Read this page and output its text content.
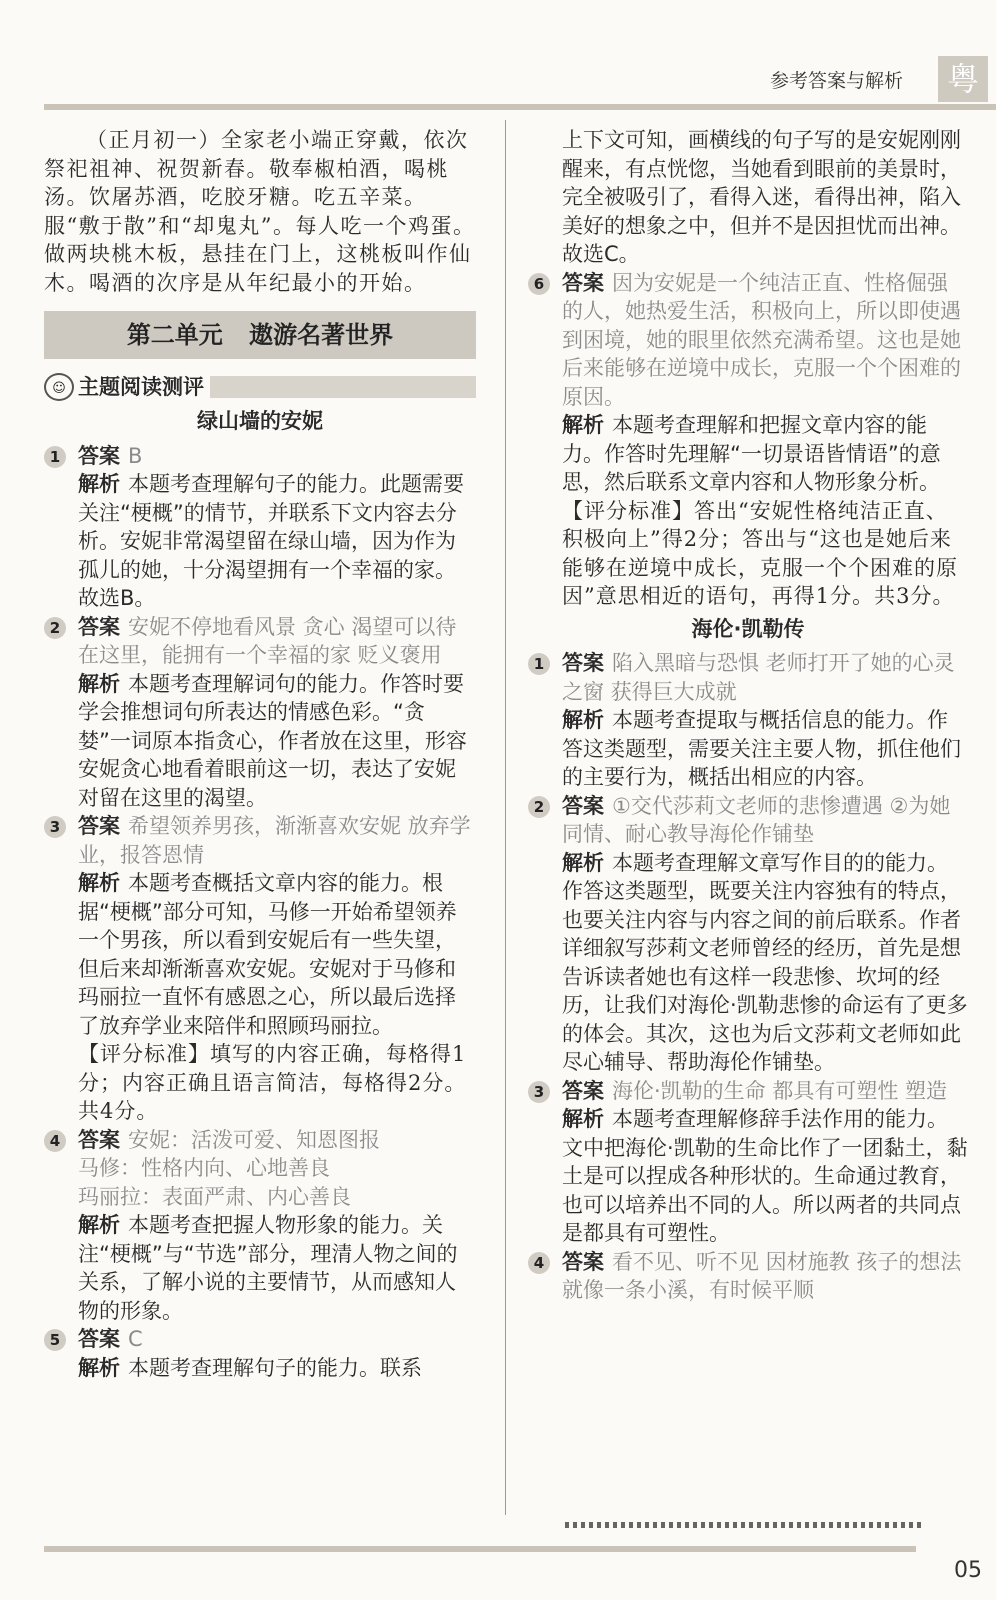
参考答案与解析 粤

（正月初一）全家老小端正穿戴，依次祭祀祖神、祝贺新春。敬奉椒柏酒，喝桃汤。饮屠苏酒，吃胶牙糖。吃五辛菜。服“敷于散”和“却鬼丸”。每人吃一个鸡蛋。做两块桃木板，悬挂在门上，这桃板叫作仙木。喝酒的次序是从年纪最小的开始。

第二单元 遨游名著世界
☺ 主题阅读测评
绿山墙的安妮
1 答案 B

解析 本题考查理解句子的能力。此题需要关注“梗概”的情节，并联系下文内容去分析。安妮非常渴望留在绿山墙，因为作为孤儿的她，十分渴望拥有一个幸福的家。故选B。

2 答案 安妮不停地看风景 贪心 渴望可以待在这里，能拥有一个幸福的家 贬义褒用

解析 本题考查理解词句的能力。作答时要学会推想词句所表达的情感色彩。“贪婪”一词原本指贪心，作者放在这里，形容安妮贪心地看着眼前这一切，表达了安妮对留在这里的渴望。

3 答案 希望领养男孩，渐渐喜欢安妮 放弃学业，报答恩情

解析 本题考查概括文章内容的能力。根据“梗概”部分可知，马修一开始希望领养一个男孩，所以看到安妮后有一些失望，但后来却渐渐喜欢安妮。安妮对于马修和玛丽拉一直怀有感恩之心，所以最后选择了放弃学业来陪伴和照顾玛丽拉。

【评分标准】填写的内容正确，每格得1分；内容正确且语言简洁，每格得2分。共4分。

4 答案 安妮：活泼可爱、知恩图报

马修：性格内向、心地善良

玛丽拉：表面严肃、内心善良

解析 本题考查把握人物形象的能力。关注“梗概”与“节选”部分，理清人物之间的关系，了解小说的主要情节，从而感知人物的形象。

5 答案 C

解析 本题考查理解句子的能力。联系

上下文可知，画横线的句子写的是安妮刚刚醒来，有点恍惚，当她看到眼前的美景时，完全被吸引了，看得入迷，看得出神，陷入美好的想象之中，但并不是因担忧而出神。故选C。

6 答案 因为安妮是一个纯洁正直、性格倔强的人，她热爱生活，积极向上，所以即使遇到困境，她的眼里依然充满希望。这也是她后来能够在逆境中成长，克服一个个困难的原因。

解析 本题考查理解和把握文章内容的能力。作答时先理解“一切景语皆情语”的意思，然后联系文章内容和人物形象分析。

【评分标准】答出“安妮性格纯洁正直、积极向上”得2分；答出与“这也是她后来能够在逆境中成长，克服一个个困难的原因”意思相近的语句，再得1分。共3分。

海伦·凯勒传
1 答案 陷入黑暗与恐惧 老师打开了她的心灵之窗 获得巨大成就

解析 本题考查提取与概括信息的能力。作答这类题型，需要关注主要人物，抓住他们的主要行为，概括出相应的内容。

2 答案 ①交代莎莉文老师的悲惨遭遇 ②为她同情、耐心教导海伦作铺垫

解析 本题考查理解文章写作目的的能力。作答这类题型，既要关注内容独有的特点，也要关注内容与内容之间的前后联系。作者详细叙写莎莉文老师曾经的经历，首先是想告诉读者她也有这样一段悲惨、坎坷的经历，让我们对海伦·凯勒悲惨的命运有了更多的体会。其次，这也为后文莎莉文老师如此尽心辅导、帮助海伦作铺垫。

3 答案 海伦·凯勒的生命 都具有可塑性 塑造

解析 本题考查理解修辞手法作用的能力。文中把海伦·凯勒的生命比作了一团黏土，黏土是可以捏成各种形状的。生命通过教育，也可以培养出不同的人。所以两者的共同点是都具有可塑性。

4 答案 看不见、听不见 因材施教 孩子的想法就像一条小溪，有时候平顺

05
